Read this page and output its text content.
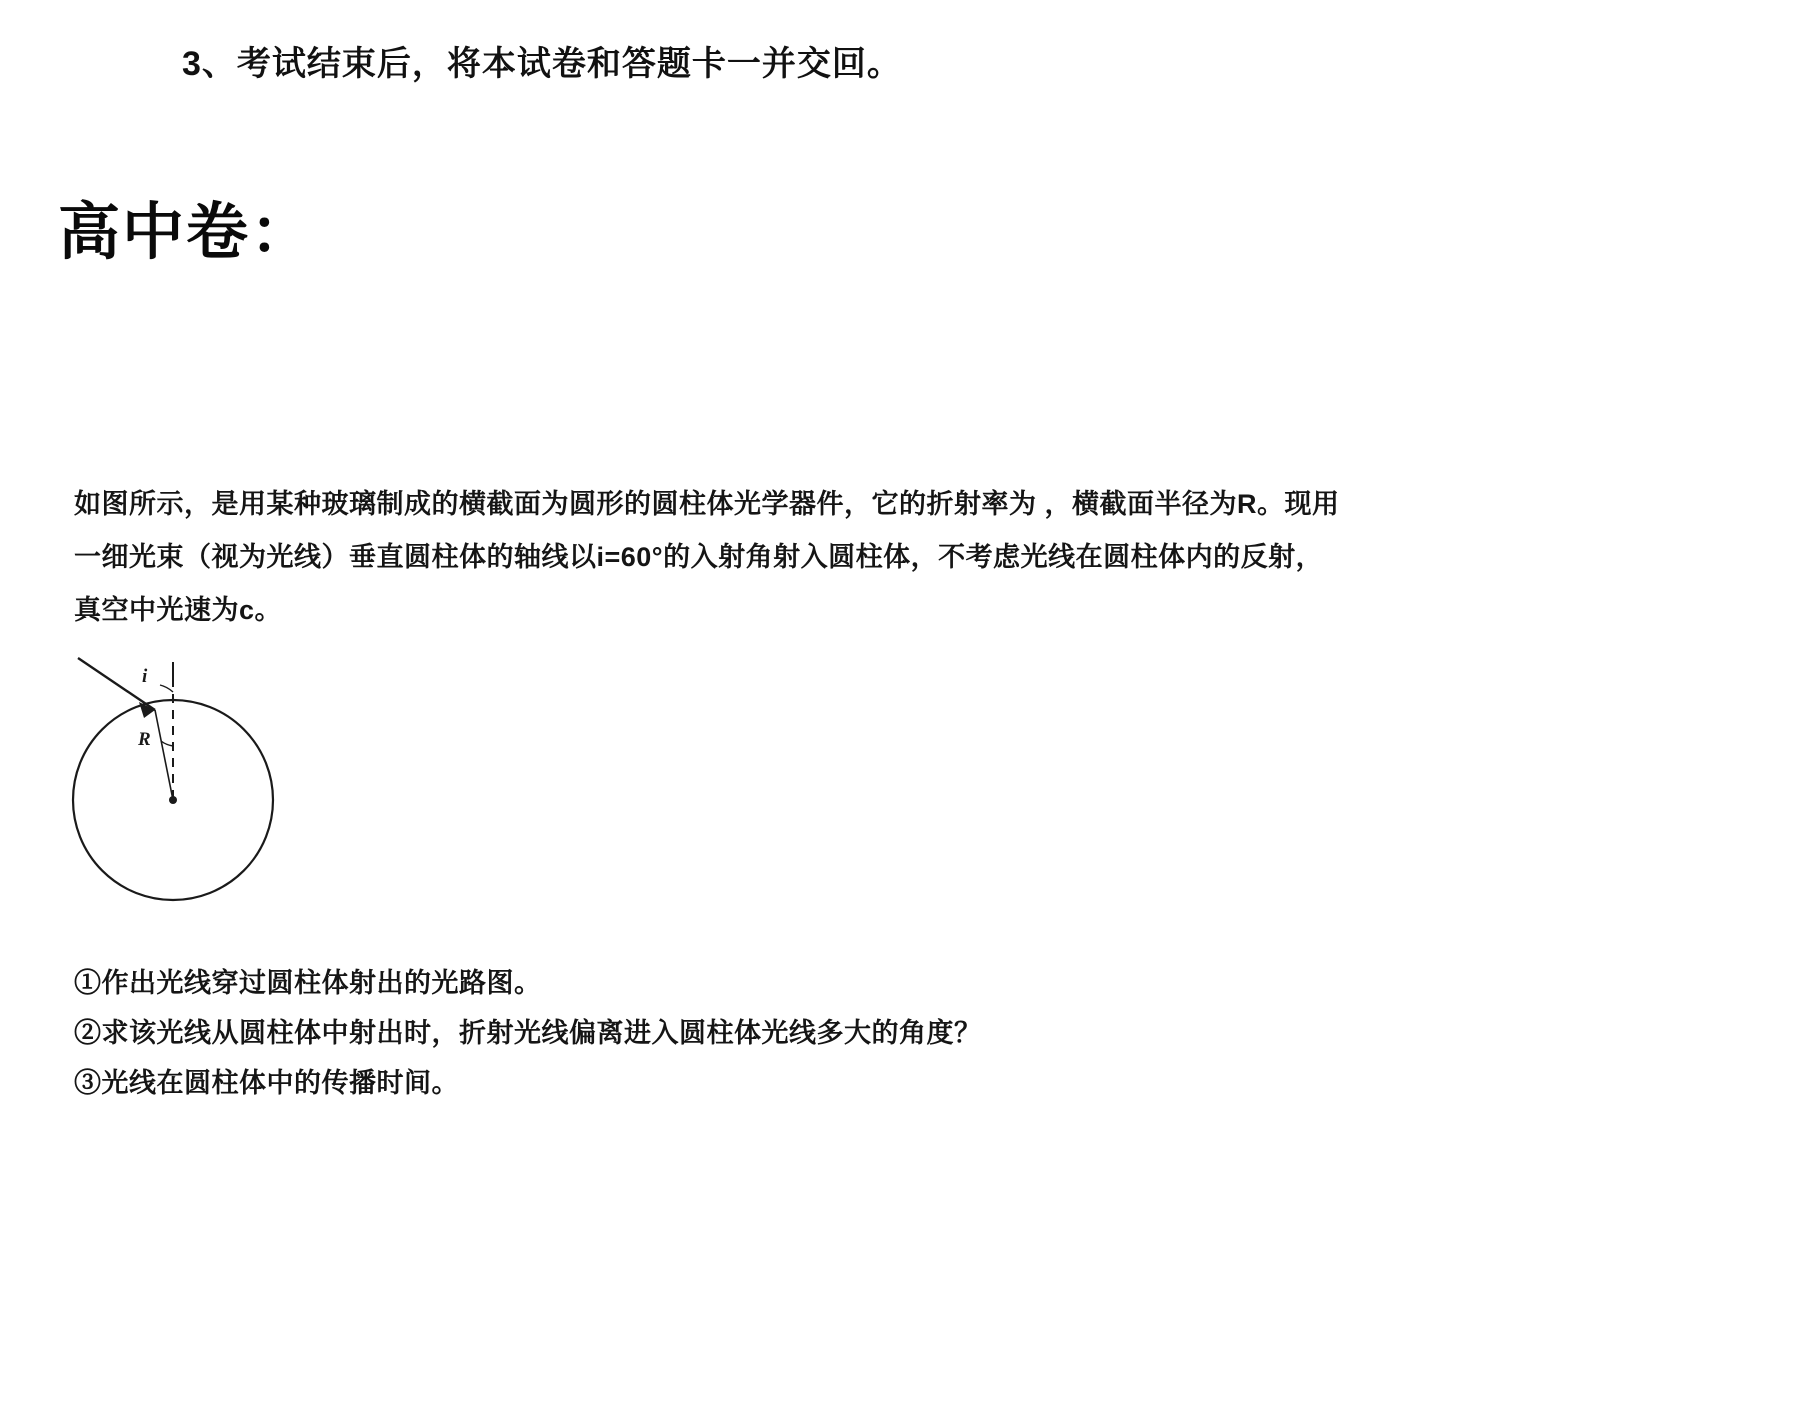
3、考试结束后，将本试卷和答题卡一并交回。
高中卷：
如图所示，是用某种玻璃制成的横截面为圆形的圆柱体光学器件，它的折射率为 ，横截面半径为R。现用
一细光束（视为光线）垂直圆柱体的轴线以i=60°的入射角射入圆柱体，不考虑光线在圆柱体内的反射，
真空中光速为c。
i
R
①作出光线穿过圆柱体射出的光路图。
②求该光线从圆柱体中射出时，折射光线偏离进入圆柱体光线多大的角度？
③光线在圆柱体中的传播时间。
